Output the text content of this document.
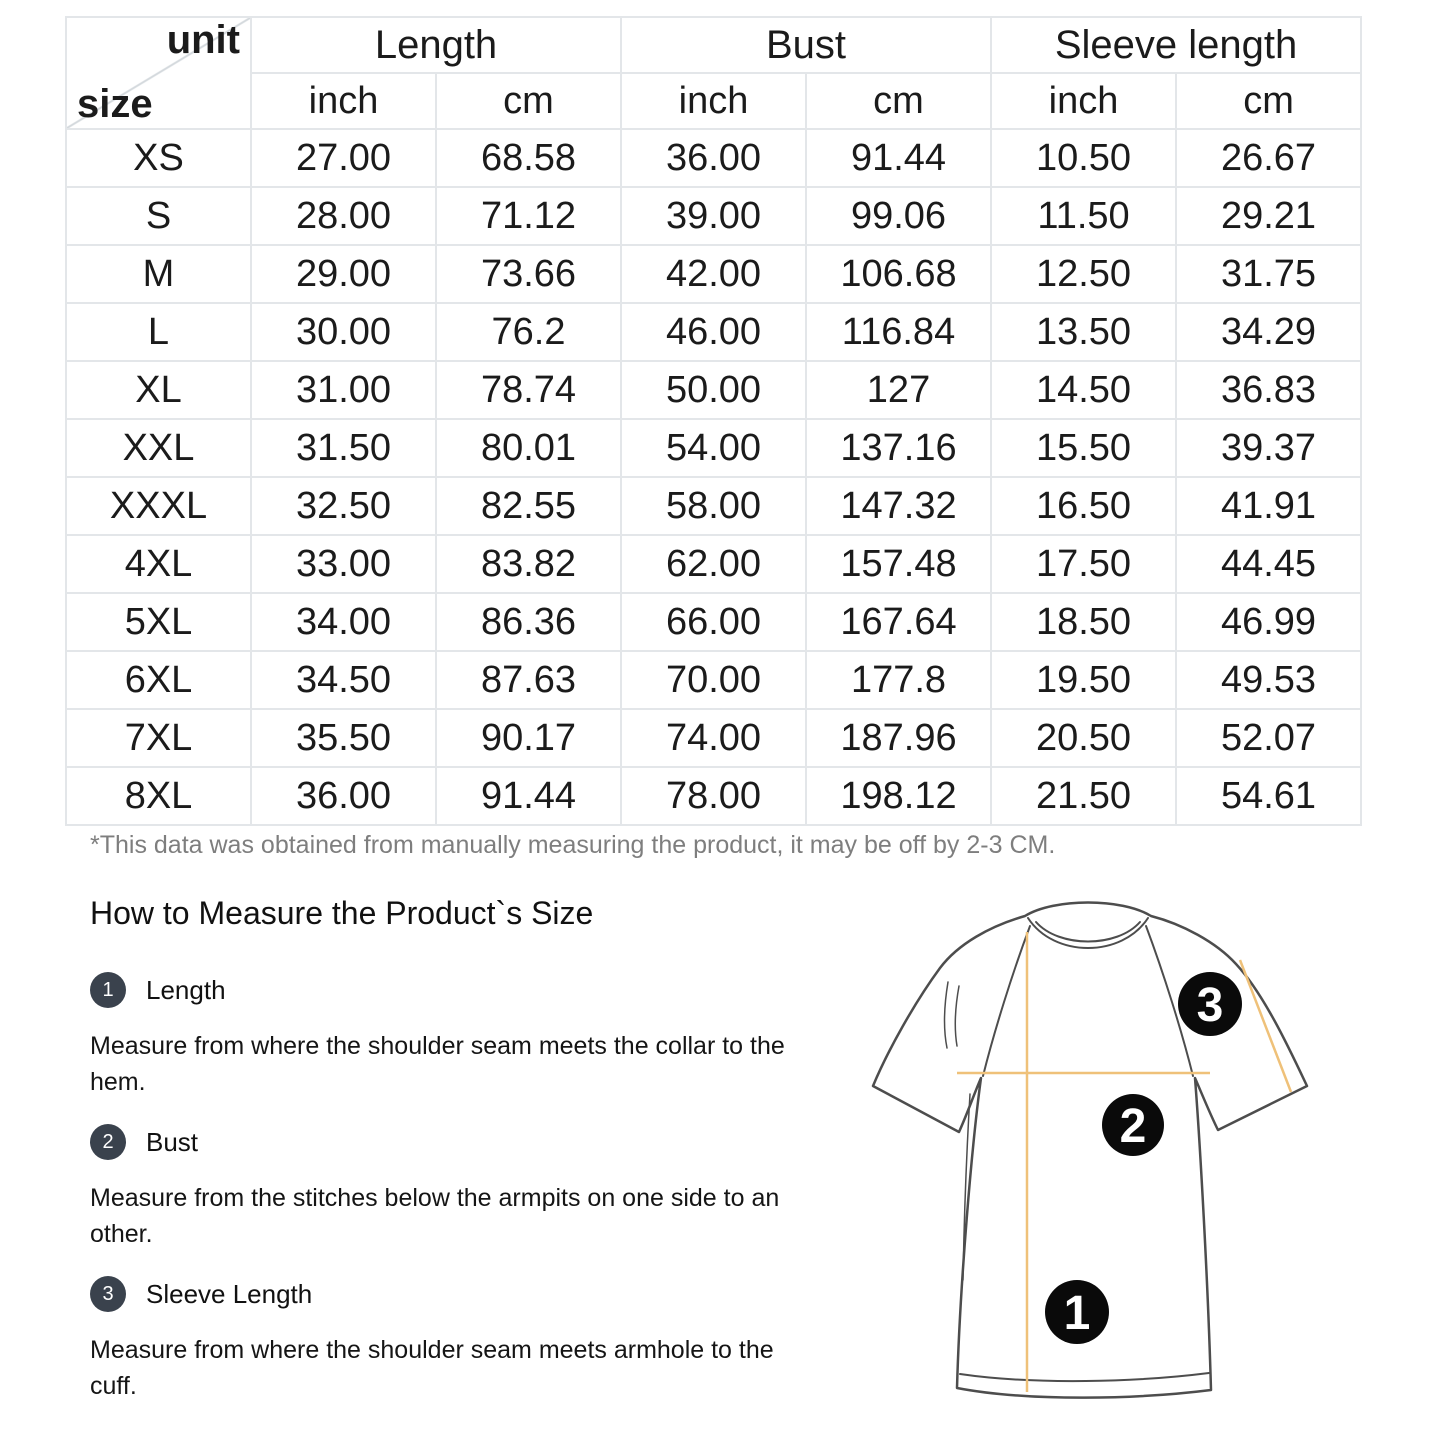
unit
size	Length		Bust		Sleeve length	
	inch	cm	inch	cm	inch	cm
XS	27.00	68.58	36.00	91.44	10.50	26.67
S	28.00	71.12	39.00	99.06	11.50	29.21
M	29.00	73.66	42.00	106.68	12.50	31.75
L	30.00	76.2	46.00	116.84	13.50	34.29
XL	31.00	78.74	50.00	127	14.50	36.83
XXL	31.50	80.01	54.00	137.16	15.50	39.37
XXXL	32.50	82.55	58.00	147.32	16.50	41.91
4XL	33.00	83.82	62.00	157.48	17.50	44.45
5XL	34.00	86.36	66.00	167.64	18.50	46.99
6XL	34.50	87.63	70.00	177.8	19.50	49.53
7XL	35.50	90.17	74.00	187.96	20.50	52.07
8XL	36.00	91.44	78.00	198.12	21.50	54.61
*This data was obtained from manually measuring the product, it may be off by 2-3 CM.
How to Measure the Product`s Size
1	Length

Measure from where the shoulder seam meets the collar to the hem.

2	Bust

Measure from the stitches below the armpits on one side to an other.

3	Sleeve Length

Measure from where the shoulder seam meets armhole to the cuff.

3
2
1
